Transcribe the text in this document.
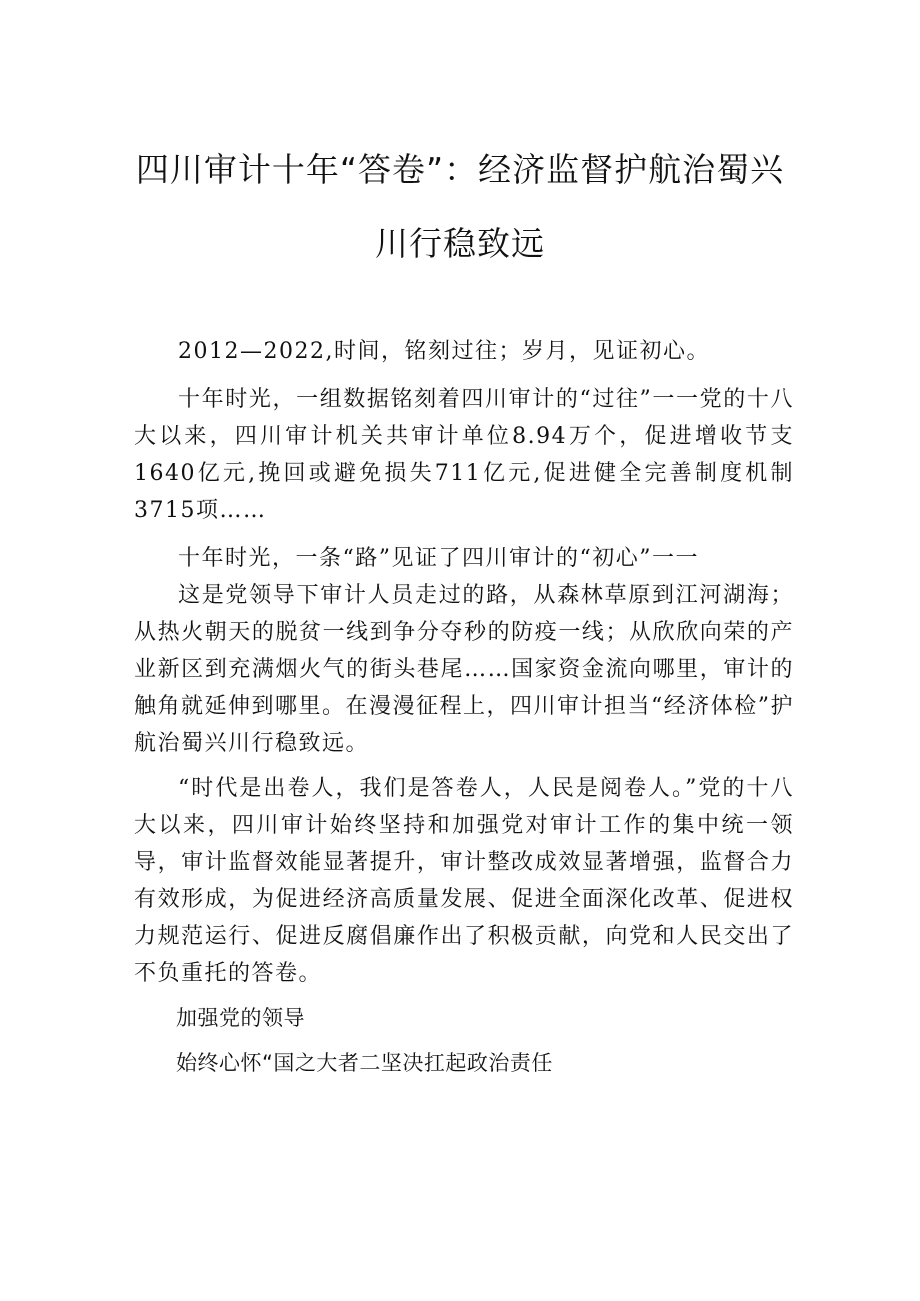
四川审计十年“答卷”：经济监督护航治蜀兴
川行稳致远

2012—2022,时间，铭刻过往；岁月，见证初心。

十年时光，一组数据铭刻着四川审计的“过往”一一党的十八大以来，四川审计机关共审计单位8.94万个，促进增收节支1640亿元,挽回或避免损失711亿元,促进健全完善制度机制3715项……

十年时光，一条“路”见证了四川审计的“初心”一一

这是党领导下审计人员走过的路，从森林草原到江河湖海；从热火朝天的脱贫一线到争分夺秒的防疫一线；从欣欣向荣的产业新区到充满烟火气的街头巷尾……国家资金流向哪里，审计的触角就延伸到哪里。在漫漫征程上，四川审计担当“经济体检”护航治蜀兴川行稳致远。

“时代是出卷人，我们是答卷人，人民是阅卷人。”党的十八大以来，四川审计始终坚持和加强党对审计工作的集中统一领导，审计监督效能显著提升，审计整改成效显著增强，监督合力有效形成，为促进经济高质量发展、促进全面深化改革、促进权力规范运行、促进反腐倡廉作出了积极贡献，向党和人民交出了不负重托的答卷。

加强党的领导

始终心怀“国之大者二坚决扛起政治责任
